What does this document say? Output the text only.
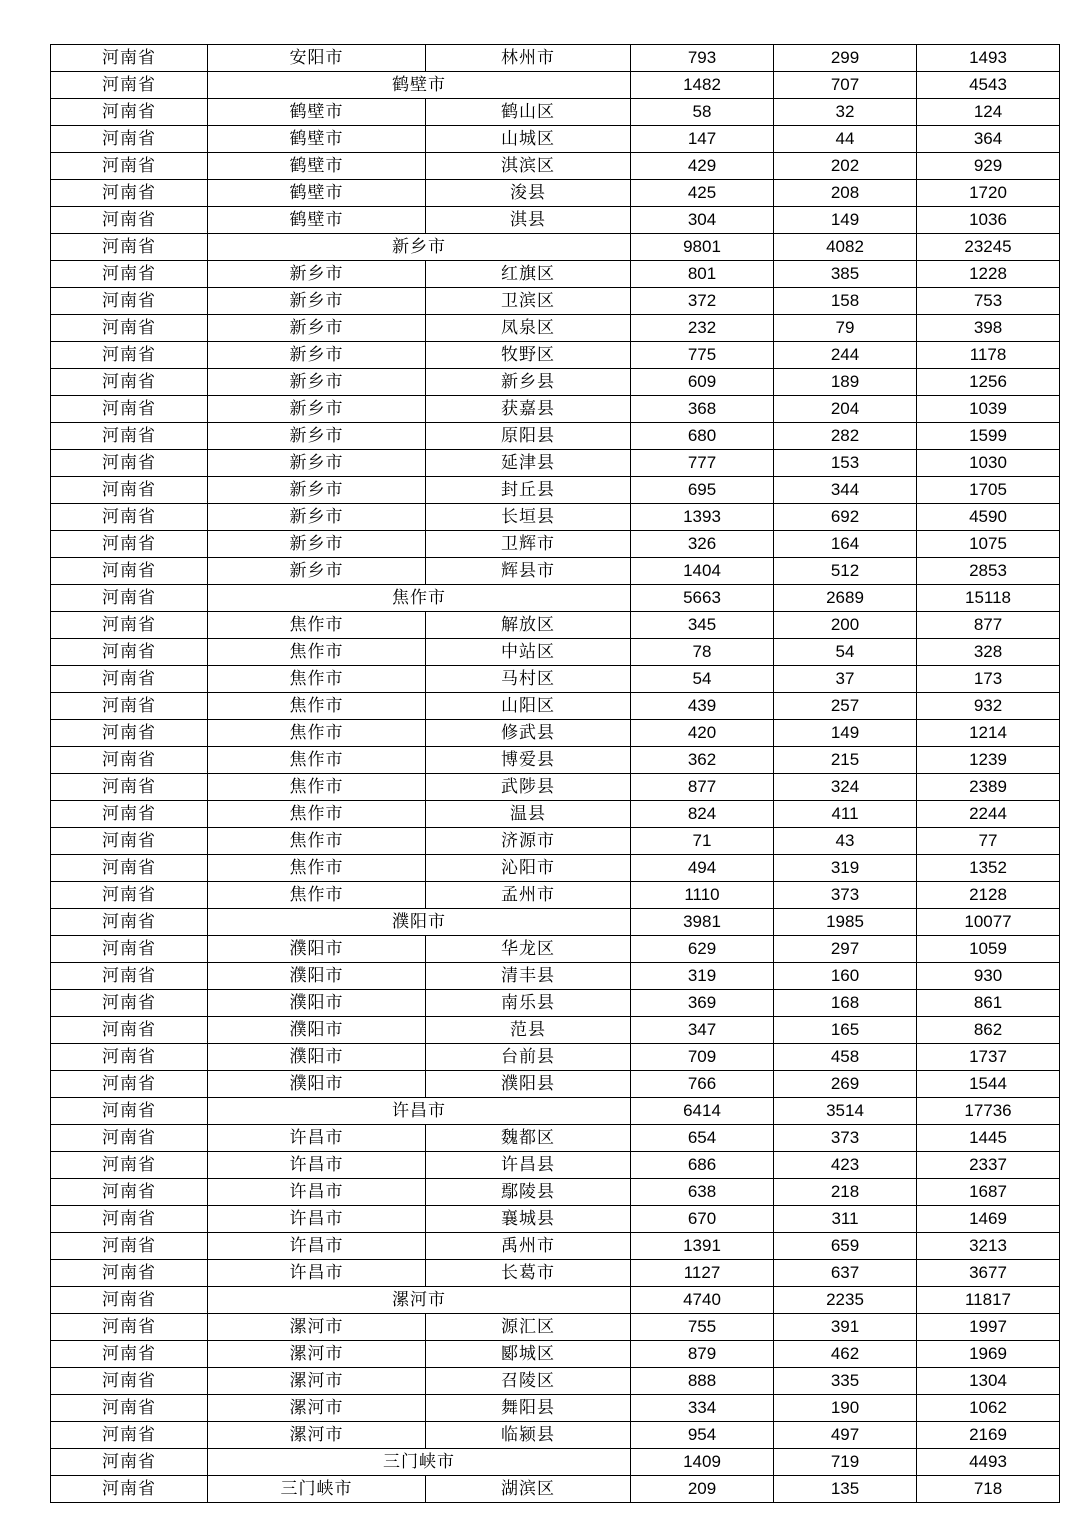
河南省	安阳市	林州市	793	299	1493
河南省	鹤壁市		1482	707	4543
河南省	鹤壁市	鹤山区	58	32	124
河南省	鹤壁市	山城区	147	44	364
河南省	鹤壁市	淇滨区	429	202	929
河南省	鹤壁市	浚县	425	208	1720
河南省	鹤壁市	淇县	304	149	1036
河南省	新乡市		9801	4082	23245
河南省	新乡市	红旗区	801	385	1228
河南省	新乡市	卫滨区	372	158	753
河南省	新乡市	凤泉区	232	79	398
河南省	新乡市	牧野区	775	244	1178
河南省	新乡市	新乡县	609	189	1256
河南省	新乡市	获嘉县	368	204	1039
河南省	新乡市	原阳县	680	282	1599
河南省	新乡市	延津县	777	153	1030
河南省	新乡市	封丘县	695	344	1705
河南省	新乡市	长垣县	1393	692	4590
河南省	新乡市	卫辉市	326	164	1075
河南省	新乡市	辉县市	1404	512	2853
河南省	焦作市		5663	2689	15118
河南省	焦作市	解放区	345	200	877
河南省	焦作市	中站区	78	54	328
河南省	焦作市	马村区	54	37	173
河南省	焦作市	山阳区	439	257	932
河南省	焦作市	修武县	420	149	1214
河南省	焦作市	博爱县	362	215	1239
河南省	焦作市	武陟县	877	324	2389
河南省	焦作市	温县	824	411	2244
河南省	焦作市	济源市	71	43	77
河南省	焦作市	沁阳市	494	319	1352
河南省	焦作市	孟州市	1110	373	2128
河南省	濮阳市		3981	1985	10077
河南省	濮阳市	华龙区	629	297	1059
河南省	濮阳市	清丰县	319	160	930
河南省	濮阳市	南乐县	369	168	861
河南省	濮阳市	范县	347	165	862
河南省	濮阳市	台前县	709	458	1737
河南省	濮阳市	濮阳县	766	269	1544
河南省	许昌市		6414	3514	17736
河南省	许昌市	魏都区	654	373	1445
河南省	许昌市	许昌县	686	423	2337
河南省	许昌市	鄢陵县	638	218	1687
河南省	许昌市	襄城县	670	311	1469
河南省	许昌市	禹州市	1391	659	3213
河南省	许昌市	长葛市	1127	637	3677
河南省	漯河市		4740	2235	11817
河南省	漯河市	源汇区	755	391	1997
河南省	漯河市	郾城区	879	462	1969
河南省	漯河市	召陵区	888	335	1304
河南省	漯河市	舞阳县	334	190	1062
河南省	漯河市	临颍县	954	497	2169
河南省	三门峡市		1409	719	4493
河南省	三门峡市	湖滨区	209	135	718
